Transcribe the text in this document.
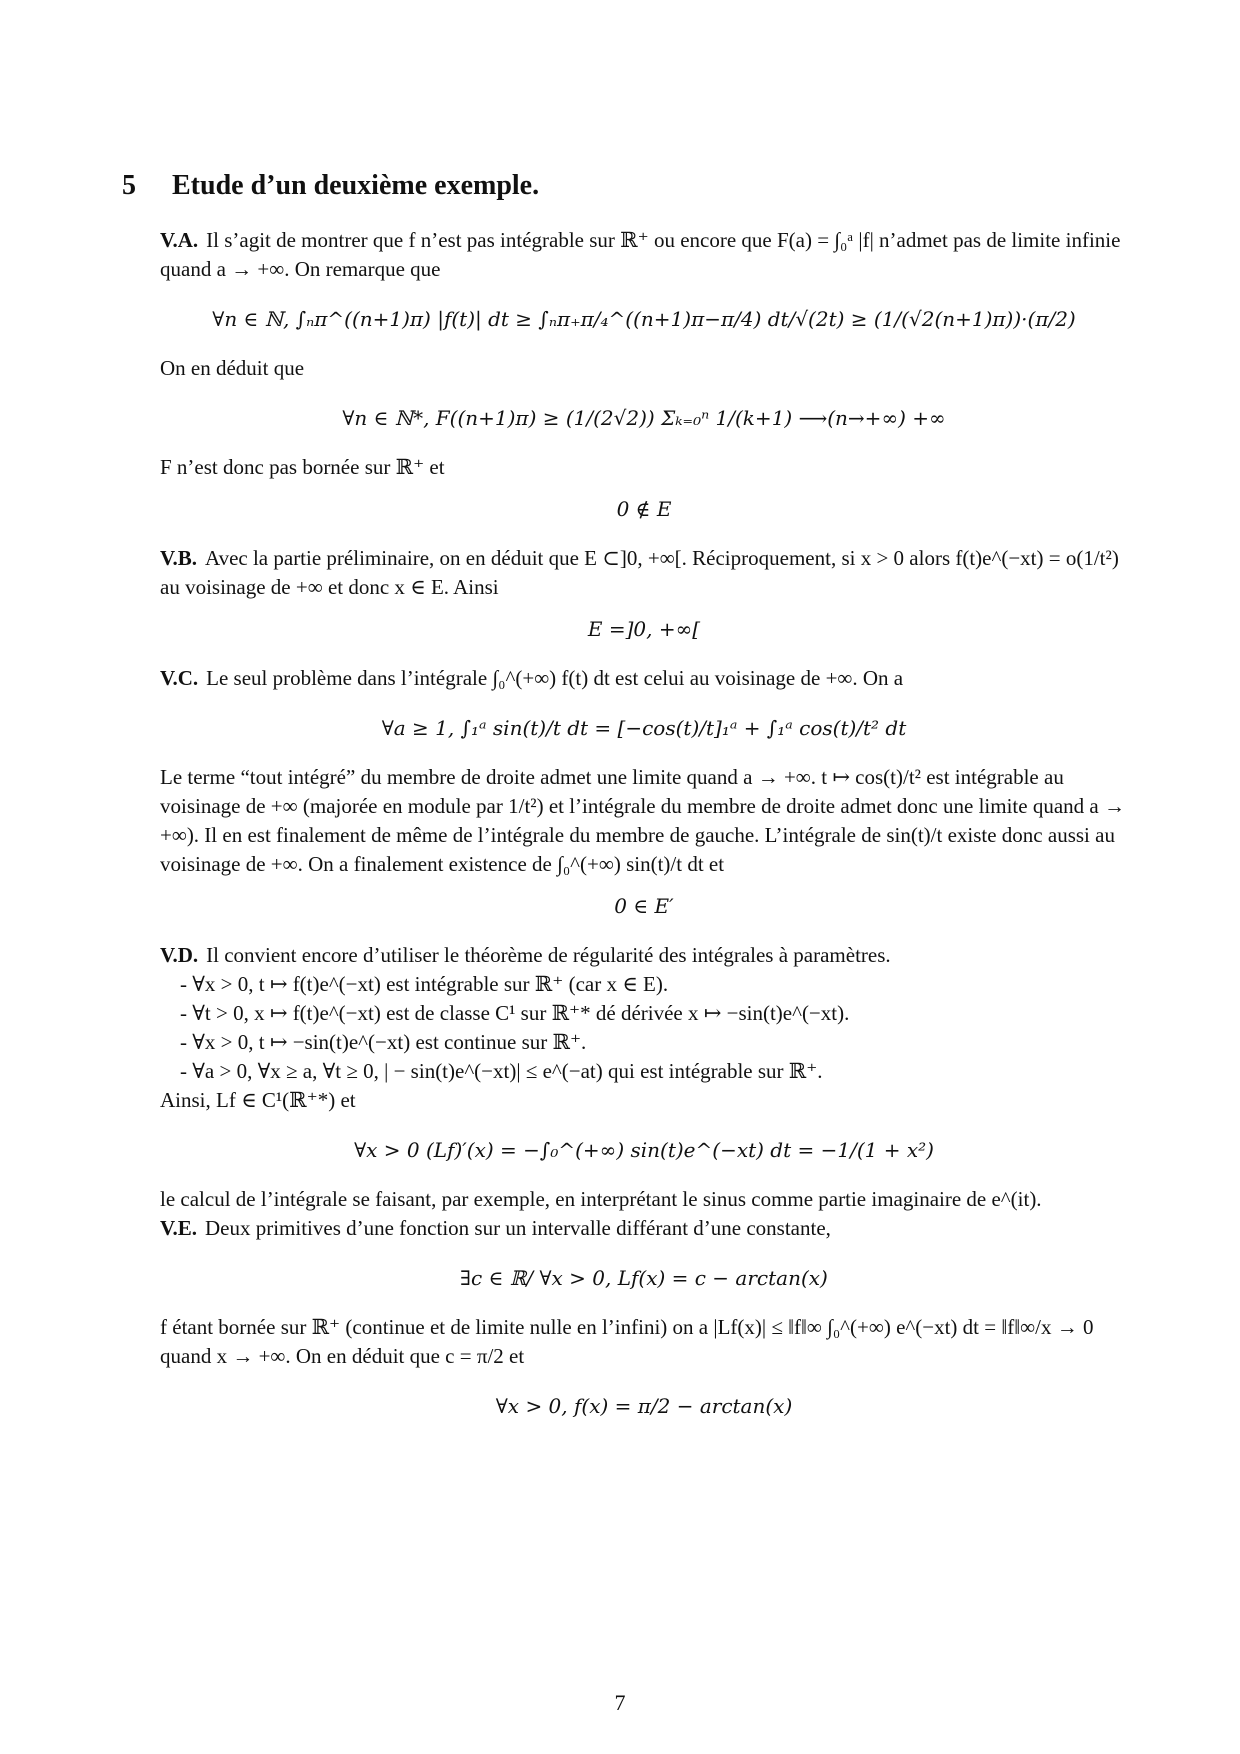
5 Etude d’un deuxième exemple.

V.A. Il s’agit de montrer que f n’est pas intégrable sur ℝ⁺ ou encore que F(a) = ∫₀ᵃ |f| n’admet pas de limite infinie quand a → +∞. On remarque que

∀n ∈ ℕ, ∫ₙπ^((n+1)π) |f(t)| dt ≥ ∫ₙπ₊π/₄^((n+1)π−π/4) dt/√(2t) ≥ (1/(√2(n+1)π))·(π/2)

On en déduit que

∀n ∈ ℕ*, F((n+1)π) ≥ (1/(2√2)) Σₖ₌₀ⁿ 1/(k+1) ⟶(n→+∞) +∞

F n’est donc pas bornée sur ℝ⁺ et

0 ∉ E

V.B. Avec la partie préliminaire, on en déduit que E ⊂]0, +∞[. Réciproquement, si x > 0 alors f(t)e^(−xt) = o(1/t²) au voisinage de +∞ et donc x ∈ E. Ainsi

E =]0, +∞[

V.C. Le seul problème dans l’intégrale ∫₀^(+∞) f(t) dt est celui au voisinage de +∞. On a

∀a ≥ 1, ∫₁ᵃ sin(t)/t dt = [−cos(t)/t]₁ᵃ + ∫₁ᵃ cos(t)/t² dt

Le terme “tout intégré” du membre de droite admet une limite quand a → +∞. t ↦ cos(t)/t² est intégrable au voisinage de +∞ (majorée en module par 1/t²) et l’intégrale du membre de droite admet donc une limite quand a → +∞). Il en est finalement de même de l’intégrale du membre de gauche. L’intégrale de sin(t)/t existe donc aussi au voisinage de +∞. On a finalement existence de ∫₀^(+∞) sin(t)/t dt et

0 ∈ E′

V.D. Il convient encore d’utiliser le théorème de régularité des intégrales à paramètres.

- ∀x > 0, t ↦ f(t)e^(−xt) est intégrable sur ℝ⁺ (car x ∈ E).

- ∀t > 0, x ↦ f(t)e^(−xt) est de classe C¹ sur ℝ⁺* dé dérivée x ↦ −sin(t)e^(−xt).

- ∀x > 0, t ↦ −sin(t)e^(−xt) est continue sur ℝ⁺.

- ∀a > 0, ∀x ≥ a, ∀t ≥ 0, | − sin(t)e^(−xt)| ≤ e^(−at) qui est intégrable sur ℝ⁺.

Ainsi, Lf ∈ C¹(ℝ⁺*) et

∀x > 0 (Lf)′(x) = −∫₀^(+∞) sin(t)e^(−xt) dt = −1/(1 + x²)

le calcul de l’intégrale se faisant, par exemple, en interprétant le sinus comme partie imaginaire de e^(it).

V.E. Deux primitives d’une fonction sur un intervalle différant d’une constante,

∃c ∈ ℝ/ ∀x > 0, Lf(x) = c − arctan(x)

f étant bornée sur ℝ⁺ (continue et de limite nulle en l’infini) on a |Lf(x)| ≤ ‖f‖∞ ∫₀^(+∞) e^(−xt) dt = ‖f‖∞/x → 0 quand x → +∞. On en déduit que c = π/2 et

∀x > 0, f(x) = π/2 − arctan(x)
7
